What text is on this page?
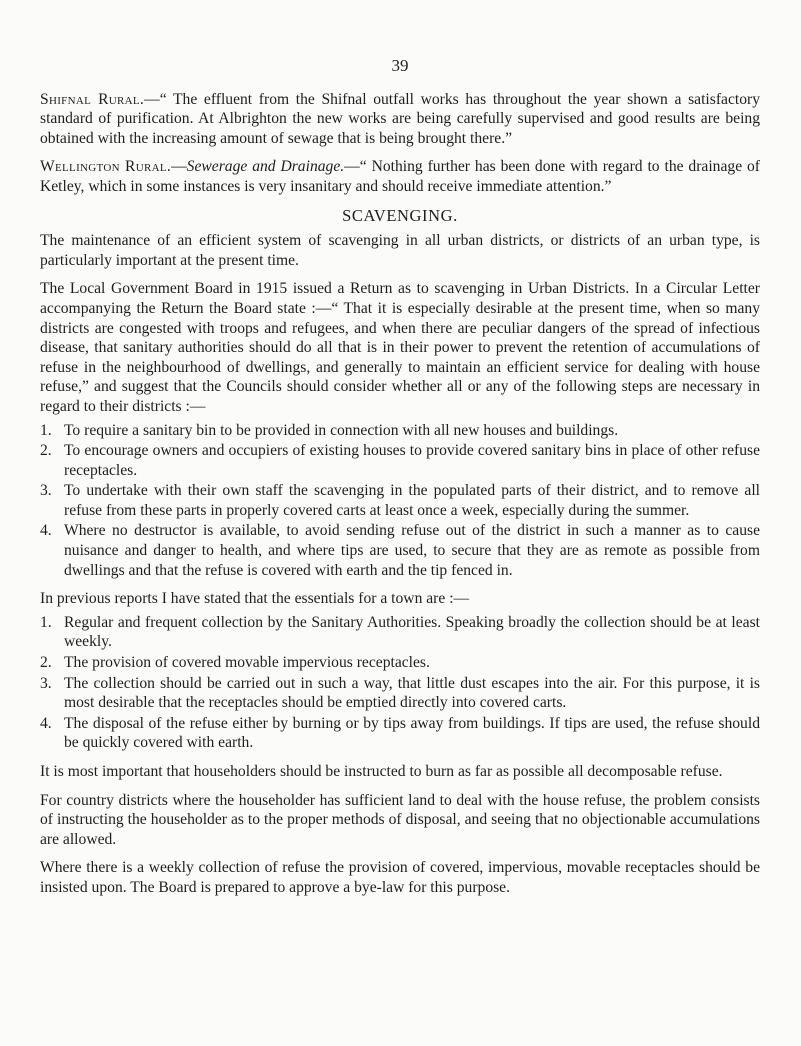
39

Shifnal Rural.—“ The effluent from the Shifnal outfall works has throughout the year shown a satisfactory standard of purification. At Albrighton the new works are being carefully supervised and good results are being obtained with the increasing amount of sewage that is being brought there.”

Wellington Rural.—Sewerage and Drainage.—“ Nothing further has been done with regard to the drainage of Ketley, which in some instances is very insanitary and should receive immediate attention.”

SCAVENGING.

The maintenance of an efficient system of scavenging in all urban districts, or districts of an urban type, is particularly important at the present time.

The Local Government Board in 1915 issued a Return as to scavenging in Urban Districts. In a Circular Letter accompanying the Return the Board state :—“ That it is especially desirable at the present time, when so many districts are congested with troops and refugees, and when there are peculiar dangers of the spread of infectious disease, that sanitary authorities should do all that is in their power to prevent the retention of accumulations of refuse in the neighbourhood of dwellings, and generally to maintain an efficient service for dealing with house refuse,” and suggest that the Councils should consider whether all or any of the following steps are necessary in regard to their districts :—

1. To require a sanitary bin to be provided in connection with all new houses and buildings.
2. To encourage owners and occupiers of existing houses to provide covered sanitary bins in place of other refuse receptacles.
3. To undertake with their own staff the scavenging in the populated parts of their district, and to remove all refuse from these parts in properly covered carts at least once a week, especially during the summer.
4. Where no destructor is available, to avoid sending refuse out of the district in such a manner as to cause nuisance and danger to health, and where tips are used, to secure that they are as remote as possible from dwellings and that the refuse is covered with earth and the tip fenced in.

In previous reports I have stated that the essentials for a town are :—

1. Regular and frequent collection by the Sanitary Authorities. Speaking broadly the collection should be at least weekly.
2. The provision of covered movable impervious receptacles.
3. The collection should be carried out in such a way, that little dust escapes into the air. For this purpose, it is most desirable that the receptacles should be emptied directly into covered carts.
4. The disposal of the refuse either by burning or by tips away from buildings. If tips are used, the refuse should be quickly covered with earth.

It is most important that householders should be instructed to burn as far as possible all decomposable refuse.

For country districts where the householder has sufficient land to deal with the house refuse, the problem consists of instructing the householder as to the proper methods of disposal, and seeing that no objectionable accumulations are allowed.

Where there is a weekly collection of refuse the provision of covered, impervious, movable receptacles should be insisted upon. The Board is prepared to approve a bye-law for this purpose.
